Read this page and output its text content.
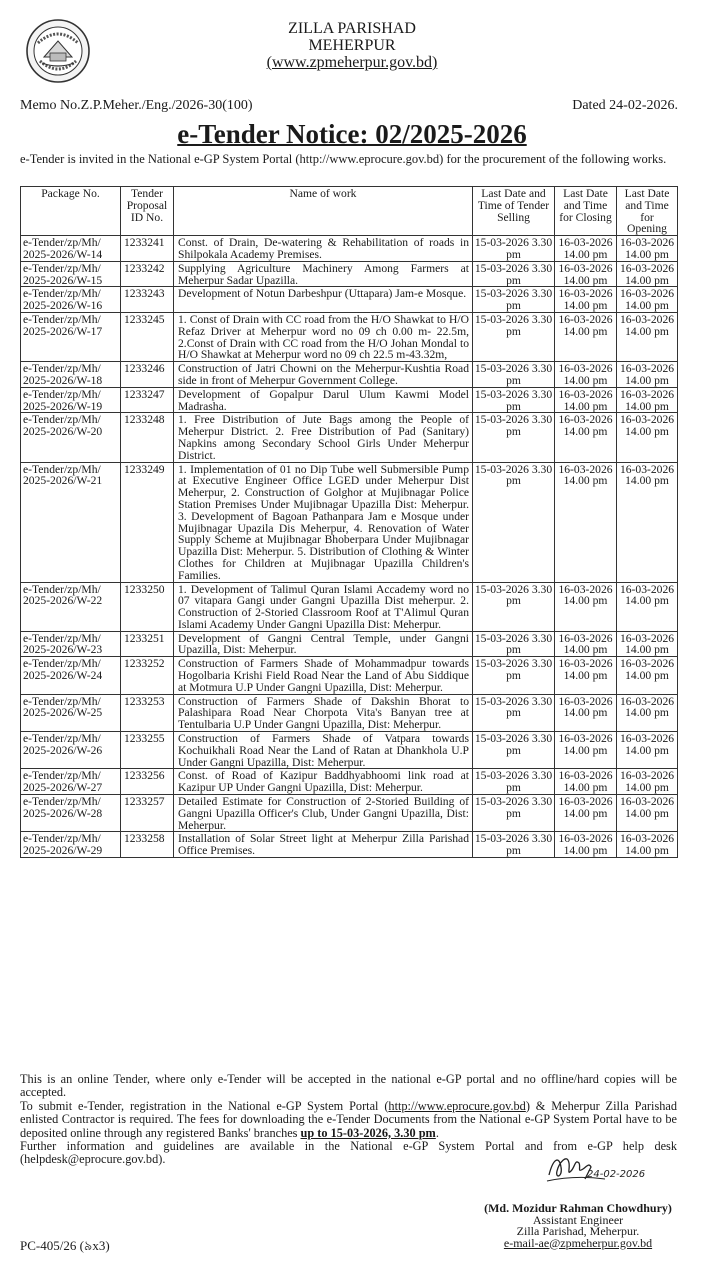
ZILLA PARISHAD
MEHERPUR
(www.zpmeherpur.gov.bd)
Memo No.Z.P.Meher./Eng./2026-30(100)	Dated 24-02-2026.
e-Tender Notice: 02/2025-2026
e-Tender is invited in the National e-GP System Portal (http://www.eprocure.gov.bd) for the procurement of the following works.
Package No.	Tender Proposal ID No.	Name of work	Last Date and Time of Tender Selling	Last Date and Time for Closing	Last Date and Time for Opening
e-Tender/zp/Mh/ 2025-2026/W-14	1233241	Const. of Drain, De-watering & Rehabilitation of roads in Shilpokala Academy Premises.	15-03-2026 3.30 pm	16-03-2026 14.00 pm	16-03-2026 14.00 pm
e-Tender/zp/Mh/ 2025-2026/W-15	1233242	Supplying Agriculture Machinery Among Farmers at Meherpur Sadar Upazilla.	15-03-2026 3.30 pm	16-03-2026 14.00 pm	16-03-2026 14.00 pm
e-Tender/zp/Mh/ 2025-2026/W-16	1233243	Development of Notun Darbeshpur (Uttapara) Jam-e Mosque.	15-03-2026 3.30 pm	16-03-2026 14.00 pm	16-03-2026 14.00 pm
e-Tender/zp/Mh/ 2025-2026/W-17	1233245	1. Const of Drain with CC road from the H/O Shawkat to H/O Refaz Driver at Meherpur word no 09 ch 0.00 m- 22.5m, 2.Const of Drain with CC road from the H/O Johan Mondal to H/O Shawkat at Meherpur word no 09 ch 22.5 m-43.32m,	15-03-2026 3.30 pm	16-03-2026 14.00 pm	16-03-2026 14.00 pm
e-Tender/zp/Mh/ 2025-2026/W-18	1233246	Construction of Jatri Chowni on the Meherpur-Kushtia Road side in front of Meherpur Government College.	15-03-2026 3.30 pm	16-03-2026 14.00 pm	16-03-2026 14.00 pm
e-Tender/zp/Mh/ 2025-2026/W-19	1233247	Development of Gopalpur Darul Ulum Kawmi Model Madrasha.	15-03-2026 3.30 pm	16-03-2026 14.00 pm	16-03-2026 14.00 pm
e-Tender/zp/Mh/ 2025-2026/W-20	1233248	1. Free Distribution of Jute Bags among the People of Meherpur District. 2. Free Distribution of Pad (Sanitary) Napkins among Secondary School Girls Under Meherpur District.	15-03-2026 3.30 pm	16-03-2026 14.00 pm	16-03-2026 14.00 pm
e-Tender/zp/Mh/ 2025-2026/W-21	1233249	1. Implementation of 01 no Dip Tube well Submersible Pump at Executive Engineer Office LGED under Meherpur Dist Meherpur, 2. Construction of Golghor at Mujibnagar Police Station Premises Under Mujibnagar Upazilla Dist: Meherpur. 3. Development of Bagoan Pathanpara Jam e Mosque under Mujibnagar Upazila Dis Meherpur, 4. Renovation of Water Supply Scheme at Mujibnagar Bhoberpara Under Mujibnagar Upazilla Dist: Meherpur. 5. Distribution of Clothing & Winter Clothes for Children at Mujibnagar Upazilla Children's Families.	15-03-2026 3.30 pm	16-03-2026 14.00 pm	16-03-2026 14.00 pm
e-Tender/zp/Mh/ 2025-2026/W-22	1233250	1. Development of Talimul Quran Islami Accademy word no 07 vitapara Gangi under Gangni Upazilla Dist meherpur. 2. Construction of 2-Storied Classroom Roof at T'Alimul Quran Islami Academy Under Gangni Upazilla Dist: Meherpur.	15-03-2026 3.30 pm	16-03-2026 14.00 pm	16-03-2026 14.00 pm
e-Tender/zp/Mh/ 2025-2026/W-23	1233251	Development of Gangni Central Temple, under Gangni Upazilla, Dist: Meherpur.	15-03-2026 3.30 pm	16-03-2026 14.00 pm	16-03-2026 14.00 pm
e-Tender/zp/Mh/ 2025-2026/W-24	1233252	Construction of Farmers Shade of Mohammadpur towards Hogolbaria Krishi Field Road Near the Land of Abu Siddique at Motmura U.P Under Gangni Upazilla, Dist: Meherpur.	15-03-2026 3.30 pm	16-03-2026 14.00 pm	16-03-2026 14.00 pm
e-Tender/zp/Mh/ 2025-2026/W-25	1233253	Construction of Farmers Shade of Dakshin Bhorat to Palashipara Road Near Chorpota Vita's Banyan tree at Tentulbaria U.P Under Gangni Upazilla, Dist: Meherpur.	15-03-2026 3.30 pm	16-03-2026 14.00 pm	16-03-2026 14.00 pm
e-Tender/zp/Mh/ 2025-2026/W-26	1233255	Construction of Farmers Shade of Vatpara towards Kochuikhali Road Near the Land of Ratan at Dhankhola U.P Under Gangni Upazilla, Dist: Meherpur.	15-03-2026 3.30 pm	16-03-2026 14.00 pm	16-03-2026 14.00 pm
e-Tender/zp/Mh/ 2025-2026/W-27	1233256	Const. of Road of Kazipur Baddhyabhoomi link road at Kazipur UP Under Gangni Upazilla, Dist: Meherpur.	15-03-2026 3.30 pm	16-03-2026 14.00 pm	16-03-2026 14.00 pm
e-Tender/zp/Mh/ 2025-2026/W-28	1233257	Detailed Estimate for Construction of 2-Storied Building of Gangni Upazilla Officer's Club, Under Gangni Upazilla, Dist: Meherpur.	15-03-2026 3.30 pm	16-03-2026 14.00 pm	16-03-2026 14.00 pm
e-Tender/zp/Mh/ 2025-2026/W-29	1233258	Installation of Solar Street light at Meherpur Zilla Parishad Office Premises.	15-03-2026 3.30 pm	16-03-2026 14.00 pm	16-03-2026 14.00 pm

This is an online Tender, where only e-Tender will be accepted in the national e-GP portal and no offline/hard copies will be accepted.

To submit e-Tender, registration in the National e-GP System Portal (http://www.eprocure.gov.bd) & Meherpur Zilla Parishad enlisted Contractor is required. The fees for downloading the e-Tender Documents from the National e-GP System Portal have to be deposited online through any registered Banks' branches up to 15-03-2026, 3.30 pm.

Further information and guidelines are available in the National e-GP System Portal and from e-GP help desk (helpdesk@eprocure.gov.bd).

24-02-2026
(Md. Mozidur Rahman Chowdhury)
Assistant Engineer
Zilla Parishad, Meherpur.
e-mail-ae@zpmeherpur.gov.bd
PC-405/26 (৯x3)
